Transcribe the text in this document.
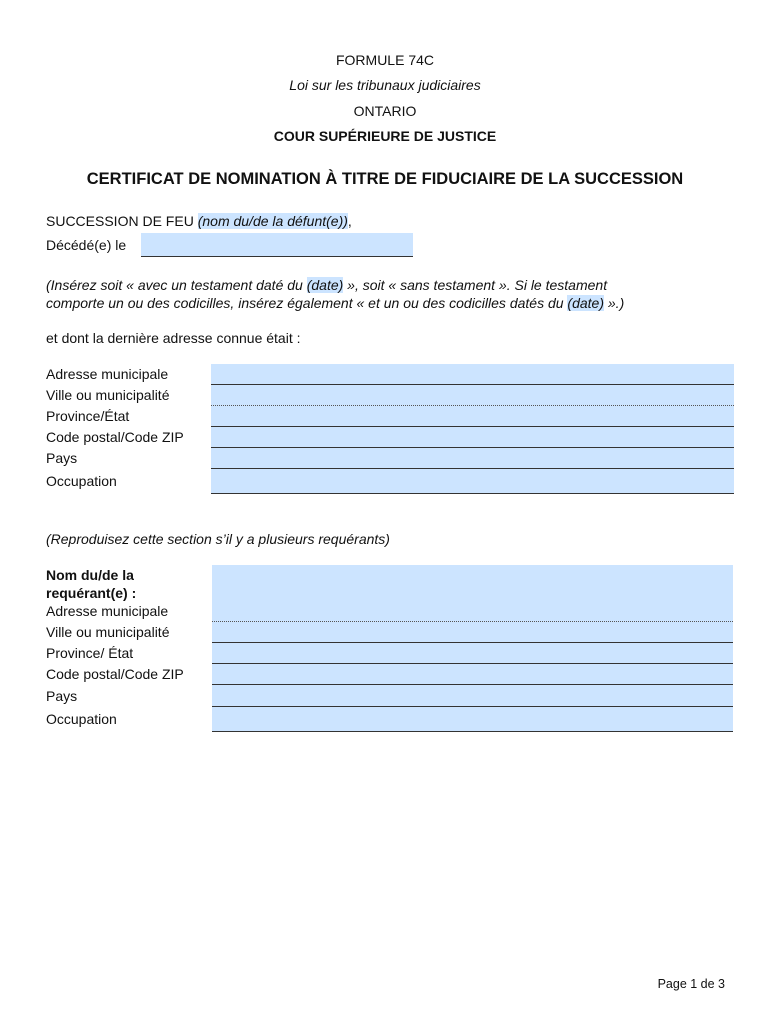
FORMULE 74C
Loi sur les tribunaux judiciaires
ONTARIO
COUR SUPÉRIEURE DE JUSTICE
CERTIFICAT DE NOMINATION À TITRE DE FIDUCIAIRE DE LA SUCCESSION
SUCCESSION DE FEU (nom du/de la défunt(e)),
Décédé(e) le
(Insérez soit « avec un testament daté du (date) », soit « sans testament ». Si le testament
comporte un ou des codicilles, insérez également « et un ou des codicilles datés du (date) ».)
et dont la dernière adresse connue était :
Adresse municipale
Ville ou municipalité
Province/État
Code postal/Code ZIP
Pays
Occupation
(Reproduisez cette section s’il y a plusieurs requérants)
Nom du/de la
requérant(e) :
Adresse municipale
Ville ou municipalité
Province/ État
Code postal/Code ZIP
Pays
Occupation
Page 1 de 3
